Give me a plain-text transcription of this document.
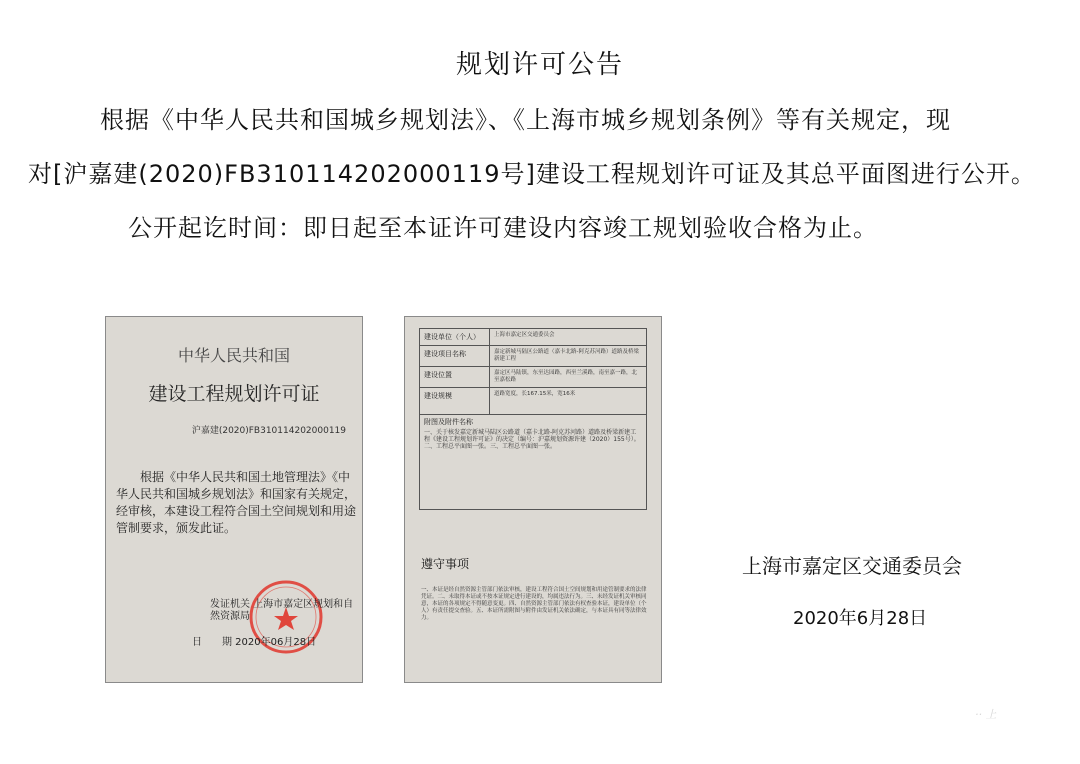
规划许可公告
根据《中华人民共和国城乡规划法》、《上海市城乡规划条例》等有关规定，现
对[沪嘉建(2020)FB310114202000119号]建设工程规划许可证及其总平面图进行公开。
公开起讫时间：即日起至本证许可建设内容竣工规划验收合格为止。
中华人民共和国
建设工程规划许可证
沪嘉建(2020)FB310114202000119
根据《中华人民共和国土地管理法》《中华人民共和国城乡规划法》和国家有关规定，经审核，本建设工程符合国土空间规划和用途管制要求，颁发此证。
发证机关 上海市嘉定区规划和自然资源局
日　　期 2020年06月28日
建设单位（个人）	上海市嘉定区交通委员会
建设项目名称	嘉定新城马陆区公路道（嘉卡北路-阿克苏河路）道路及桥梁新建工程
建设位置	嘉定区马陆镇，东至达园路，西至兰溪路，南至嘉一路，北至嘉松路
建设规模	道路宽度，长167.15米，宽16米
附图及附件名称
一、关于核发嘉定新城马陆区公路道（嘉卡北路-阿克苏河路）道路及桥梁新建工程《建设工程规划许可证》的决定（编号：沪嘉规划资源许建（2020）155号）。二、工程总平面图一张。三、工程总平面图一张。
遵守事项
一、本证是经自然资源主管部门依法审核，建设工程符合国土空间规划和用途管制要求的法律凭证。二、未取得本证或不按本证规定进行建设的，均属违法行为。三、未经发证机关审核同意，本证的各项规定不得随意变更。四、自然资源主管部门依法有权查验本证，建设单位（个人）有责任提交查验。五、本证所需附图与附件由发证机关依法确定，与本证具有同等法律效力。
上海市嘉定区交通委员会
2020年6月28日
·· 上
